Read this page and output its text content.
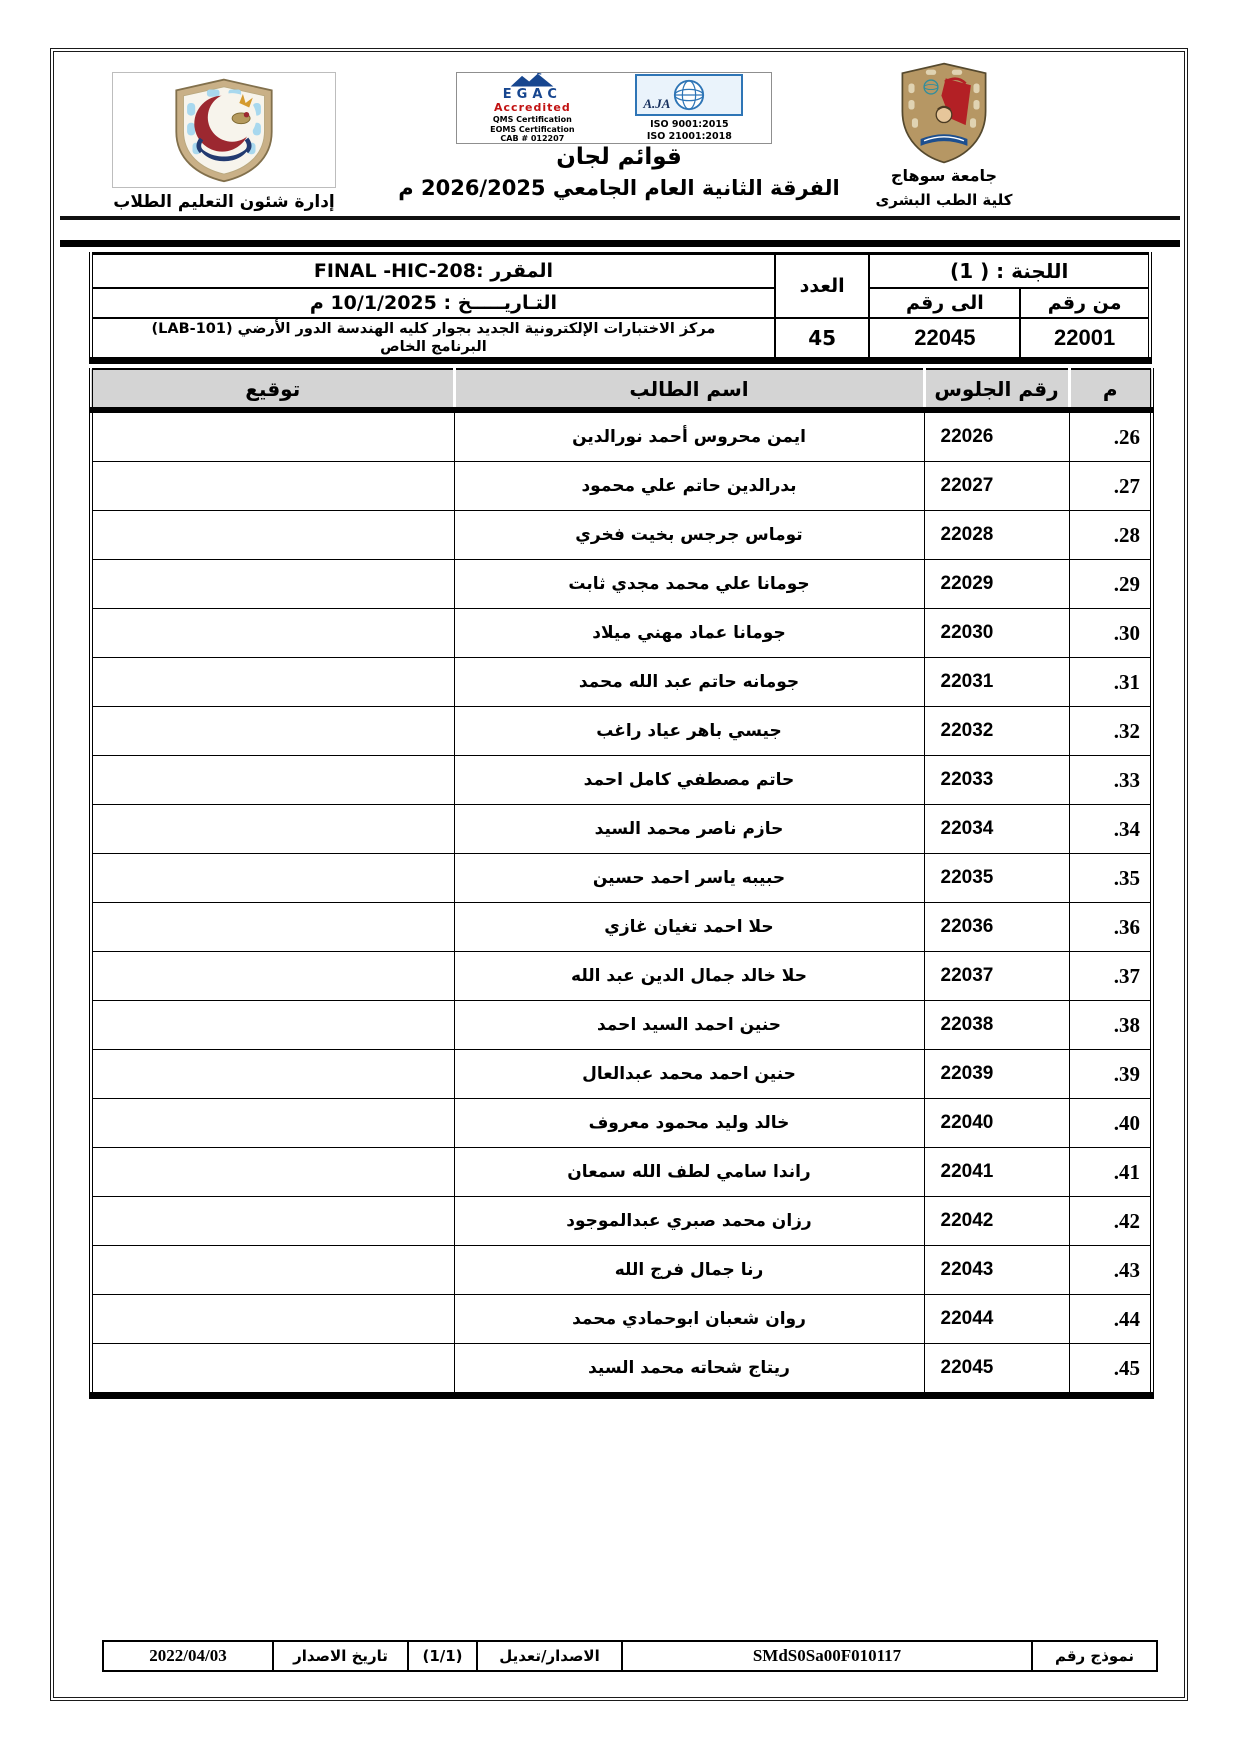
إدارة شئون التعليم الطلاب
EGAC
Accredited
QMS Certification
EOMS Certification
CAB # 012207
A.JA
ISO 9001:2015
ISO 21001:2018
قوائم لجان
الفرقة الثانية العام الجامعي 2026/2025 م
جامعة سوهاج
كلية الطب البشرى
اللجنة : ( 1)		العدد	المقرر :FINAL -HIC-208
من رقم	الى رقم		التـاريـــــخ : 10/1/2025 م
22001	22045	45	مركز الاختبارات الإلكترونية الجديد بجوار كليه الهندسة الدور الأرضي (LAB-101)
البرنامج الخاص
م	رقم الجلوس	اسم الطالب	توقيع
26.	22026	ايمن محروس أحمد نورالدين	
27.	22027	بدرالدين حاتم علي محمود	
28.	22028	توماس جرجس بخيت فخري	
29.	22029	جومانا علي محمد مجدي ثابت	
30.	22030	جومانا عماد مهني ميلاد	
31.	22031	جومانه حاتم عبد الله محمد	
32.	22032	جيسي باهر عياد راغب	
33.	22033	حاتم مصطفي كامل احمد	
34.	22034	حازم ناصر محمد السيد	
35.	22035	حبيبه ياسر احمد حسين	
36.	22036	حلا احمد تغيان غازي	
37.	22037	حلا خالد جمال الدين عبد الله	
38.	22038	حنين احمد السيد احمد	
39.	22039	حنين احمد محمد عبدالعال	
40.	22040	خالد وليد محمود معروف	
41.	22041	راندا سامي لطف الله سمعان	
42.	22042	رزان محمد صبري عبدالموجود	
43.	22043	رنا جمال فرج الله	
44.	22044	روان شعبان ابوحمادي محمد	
45.	22045	ريتاج شحاته محمد السيد	
نموذج رقم	SMdS0Sa00F010117	الاصدار/تعديل	(1/1)	تاريخ الاصدار	2022/04/03
